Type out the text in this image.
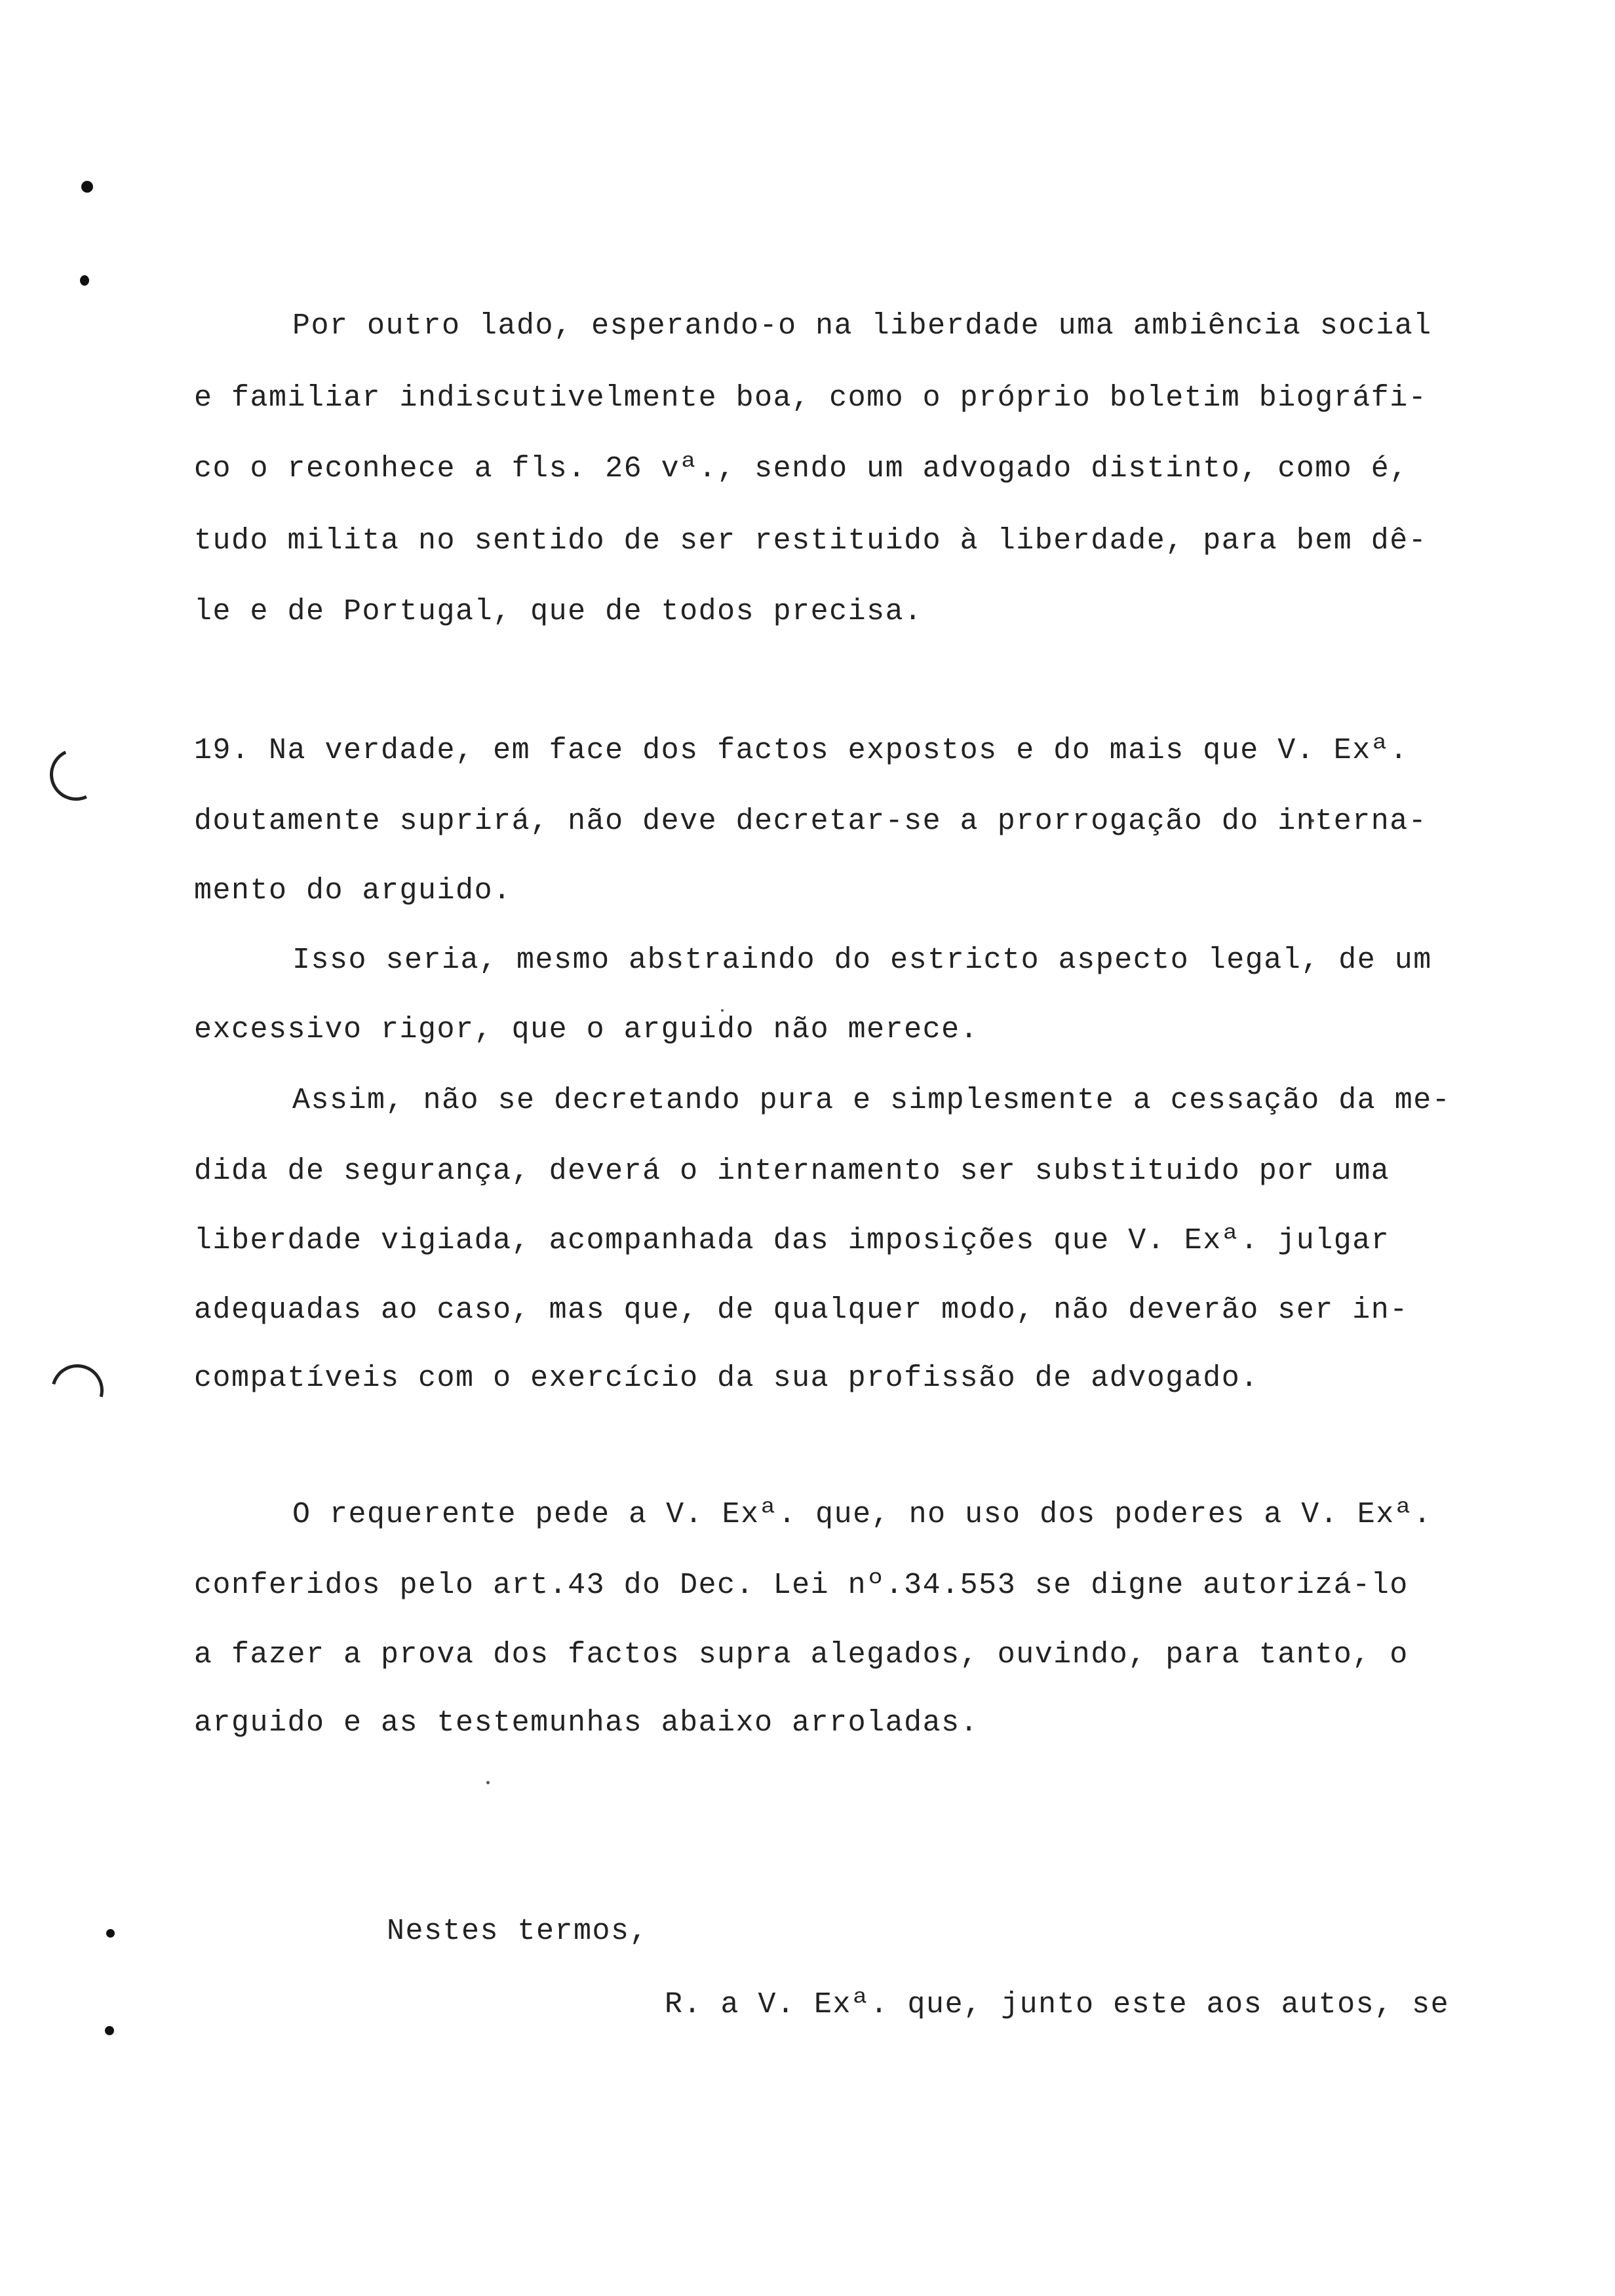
Por outro lado, esperando-o na liberdade uma ambiência social
e familiar indiscutivelmente boa, como o próprio boletim biográfi-
co o reconhece a fls. 26 vª., sendo um advogado distinto, como é,
tudo milita no sentido de ser restituido à liberdade, para bem dê-
le e de Portugal, que de todos precisa.
19. Na verdade, em face dos factos expostos e do mais que V. Exª.
doutamente suprirá, não deve decretar-se a prorrogação do interna-
mento do arguido.
Isso seria, mesmo abstraindo do estricto aspecto legal, de um
excessivo rigor, que o arguido não merece.
Assim, não se decretando pura e simplesmente a cessação da me-
dida de segurança, deverá o internamento ser substituido por uma
liberdade vigiada, acompanhada das imposições que V. Exª. julgar
adequadas ao caso, mas que, de qualquer modo, não deverão ser in-
compatíveis com o exercício da sua profissão de advogado.
O requerente pede a V. Exª. que, no uso dos poderes a V. Exª.
conferidos pelo art.43 do Dec. Lei nº.34.553 se digne autorizá-lo
a fazer a prova dos factos supra alegados, ouvindo, para tanto, o
arguido e as testemunhas abaixo arroladas.
Nestes termos,
R. a V. Exª. que, junto este aos autos, se
